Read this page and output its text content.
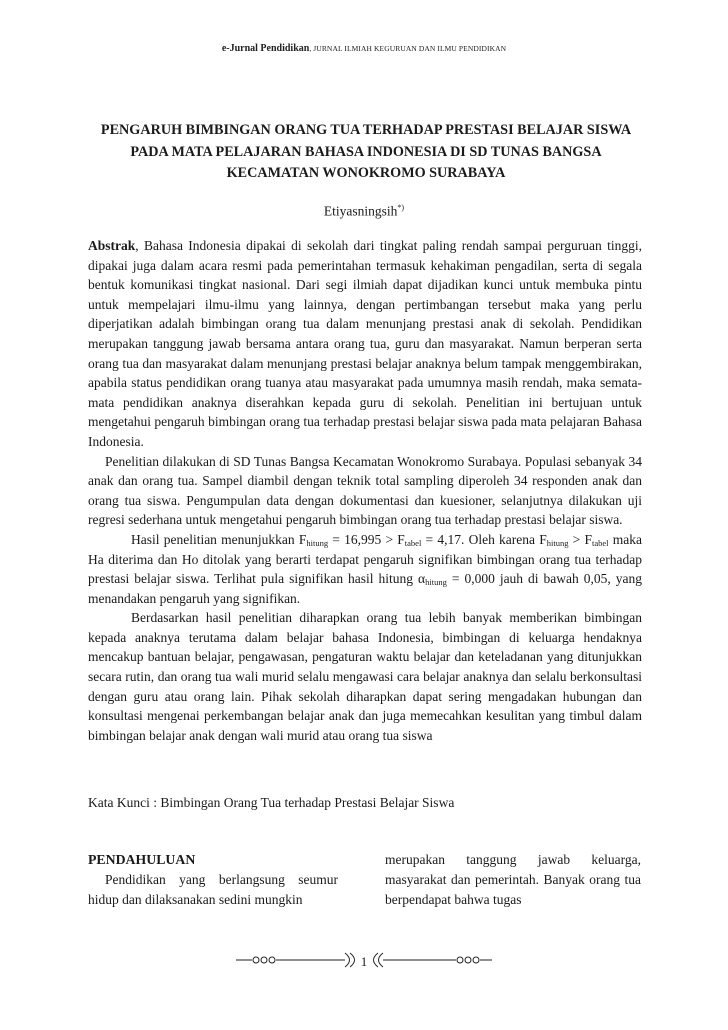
e-Jurnal Pendidikan, JURNAL ILMIAH KEGURUAN DAN ILMU PENDIDIKAN
PENGARUH BIMBINGAN ORANG TUA TERHADAP PRESTASI BELAJAR SISWA
PADA MATA PELAJARAN BAHASA INDONESIA DI SD TUNAS BANGSA
KECAMATAN WONOKROMO SURABAYA
Etiyasningsih*)

Abstrak, Bahasa Indonesia dipakai di sekolah dari tingkat paling rendah sampai perguruan tinggi, dipakai juga dalam acara resmi pada pemerintahan termasuk kehakiman pengadilan, serta di segala bentuk komunikasi tingkat nasional. Dari segi ilmiah dapat dijadikan kunci untuk membuka pintu untuk mempelajari ilmu-ilmu yang lainnya, dengan pertimbangan tersebut maka yang perlu diperjatikan adalah bimbingan orang tua dalam menunjang prestasi anak di sekolah. Pendidikan merupakan tanggung jawab bersama antara orang tua, guru dan masyarakat. Namun berperan serta orang tua dan masyarakat dalam menunjang prestasi belajar anaknya belum tampak menggembirakan, apabila status pendidikan orang tuanya atau masyarakat pada umumnya masih rendah, maka semata-mata pendidikan anaknya diserahkan kepada guru di sekolah. Penelitian ini bertujuan untuk mengetahui pengaruh bimbingan orang tua terhadap prestasi belajar siswa pada mata pelajaran Bahasa Indonesia.

Penelitian dilakukan di SD Tunas Bangsa Kecamatan Wonokromo Surabaya. Populasi sebanyak 34 anak dan orang tua. Sampel diambil dengan teknik total sampling diperoleh 34 responden anak dan orang tua siswa. Pengumpulan data dengan dokumentasi dan kuesioner, selanjutnya dilakukan uji regresi sederhana untuk mengetahui pengaruh bimbingan orang tua terhadap prestasi belajar siswa.

Hasil penelitian menunjukkan $F_{hitung} = 16,995 > F_{tabel} = 4,17$. Oleh karena $F_{hitung} > F_{tabel}$ maka Ha diterima dan Ho ditolak yang berarti terdapat pengaruh signifikan bimbingan orang tua terhadap prestasi belajar siswa. Terlihat pula signifikan hasil hitung $\alpha_{hitung} = 0,000$ jauh di bawah 0,05, yang menandakan pengaruh yang signifikan.

Berdasarkan hasil penelitian diharapkan orang tua lebih banyak memberikan bimbingan kepada anaknya terutama dalam belajar bahasa Indonesia, bimbingan di keluarga hendaknya mencakup bantuan belajar, pengawasan, pengaturan waktu belajar dan keteladanan yang ditunjukkan secara rutin, dan orang tua wali murid selalu mengawasi cara belajar anaknya dan selalu berkonsultasi dengan guru atau orang lain. Pihak sekolah diharapkan dapat sering mengadakan hubungan dan konsultasi mengenai perkembangan belajar anak dan juga memecahkan kesulitan yang timbul dalam bimbingan belajar anak dengan wali murid atau orang tua siswa

Kata Kunci : Bimbingan Orang Tua terhadap Prestasi Belajar Siswa

PENDAHULUAN

Pendidikan yang berlangsung seumur hidup dan dilaksanakan sedini mungkin

merupakan tanggung jawab keluarga, masyarakat dan pemerintah. Banyak orang tua berpendapat bahwa tugas

1
